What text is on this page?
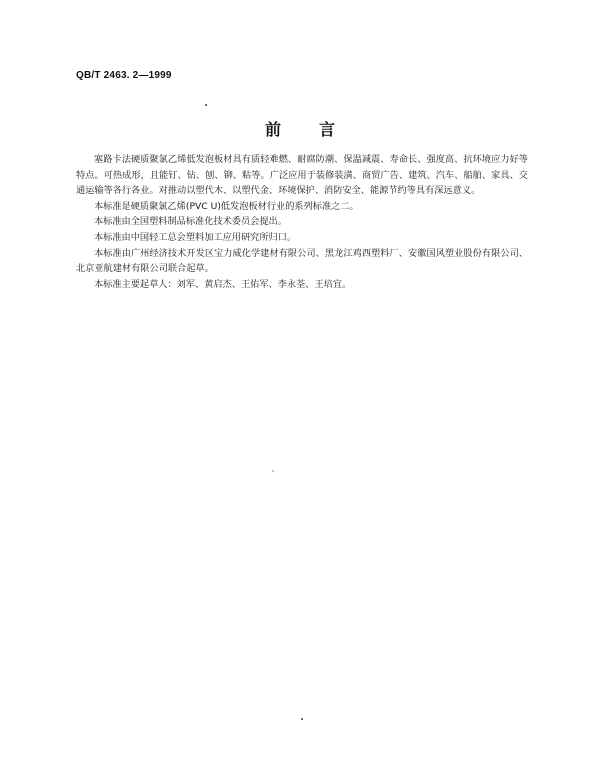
QB/T 2463. 2—1999
前 言

塞路卡法硬质聚氯乙烯低发泡板材具有质轻难燃、耐腐防潮、保温减震、寿命长、强度高、抗环境应力好等特点。可热成形，且能钉、钻、刨、铆、粘等。广泛应用于装修装潢、商贸广告、建筑、汽车、船舶、家具、交通运输等各行各业。对推动以塑代木、以塑代金、环境保护、消防安全、能源节约等具有深远意义。

本标准是硬质聚氯乙烯(PVC U)低发泡板材行业的系列标准之二。

本标准由全国塑料制品标准化技术委员会提出。

本标准由中国轻工总会塑料加工应用研究所归口。

本标准由广州经济技术开发区宝力威化学建材有限公司、黑龙江鸡西塑料厂、安徽国风塑业股份有限公司、北京亚航建材有限公司联合起草。

本标准主要起草人：刘军、黄启杰、王佑军、李永荃、王培宜。
